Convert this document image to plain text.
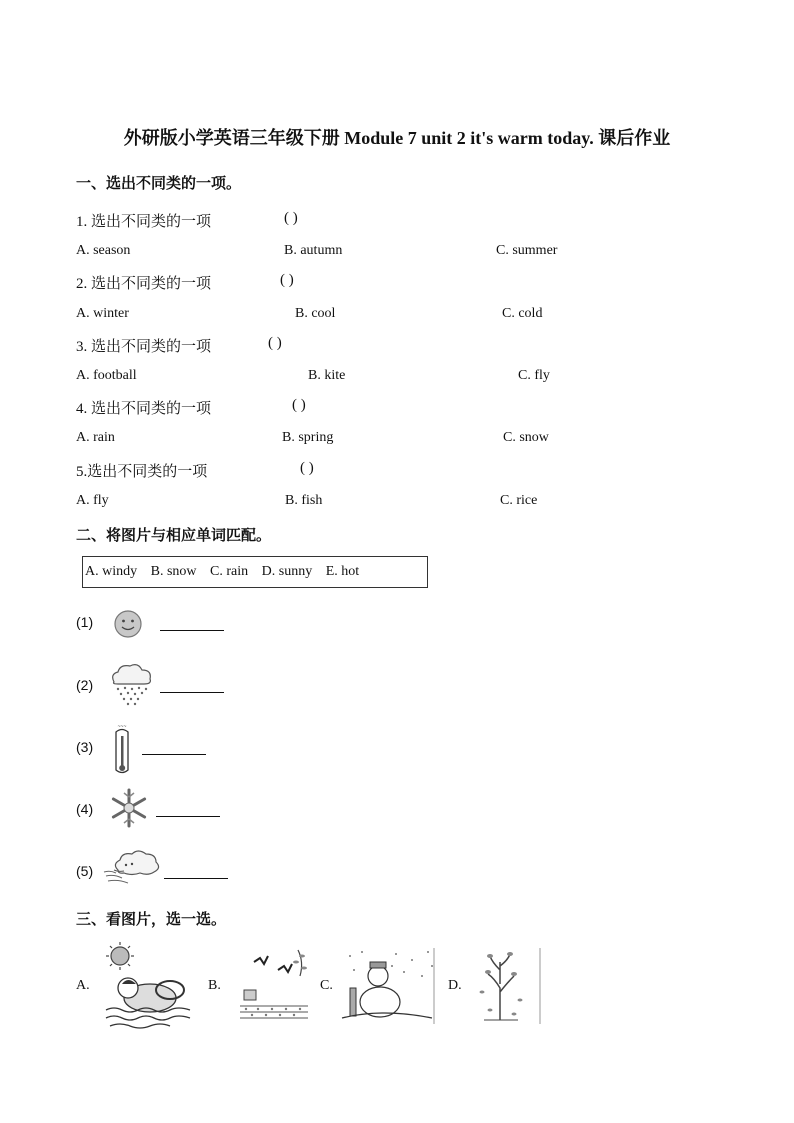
外研版小学英语三年级下册 Module 7 unit 2 it's warm today. 课后作业
一、选出不同类的一项。
1. 选出不同类的一项	( )
A. season	B. autumn	C. summer
2. 选出不同类的一项	( )
A. winter	B. cool	C. cold
3. 选出不同类的一项	( )
A. football	B. kite	C. fly
4. 选出不同类的一项	( )
A. rain	B. spring	C. snow
5.选出不同类的一项	( )
A. fly	B. fish	C. rice
二、将图片与相应单词匹配。
A. windy B. snow C. rain D. sunny E. hot
(1)
(2)
(3)
~~~
(4)
(5)
三、看图片，选一选。
A.	B.	C.	D.
